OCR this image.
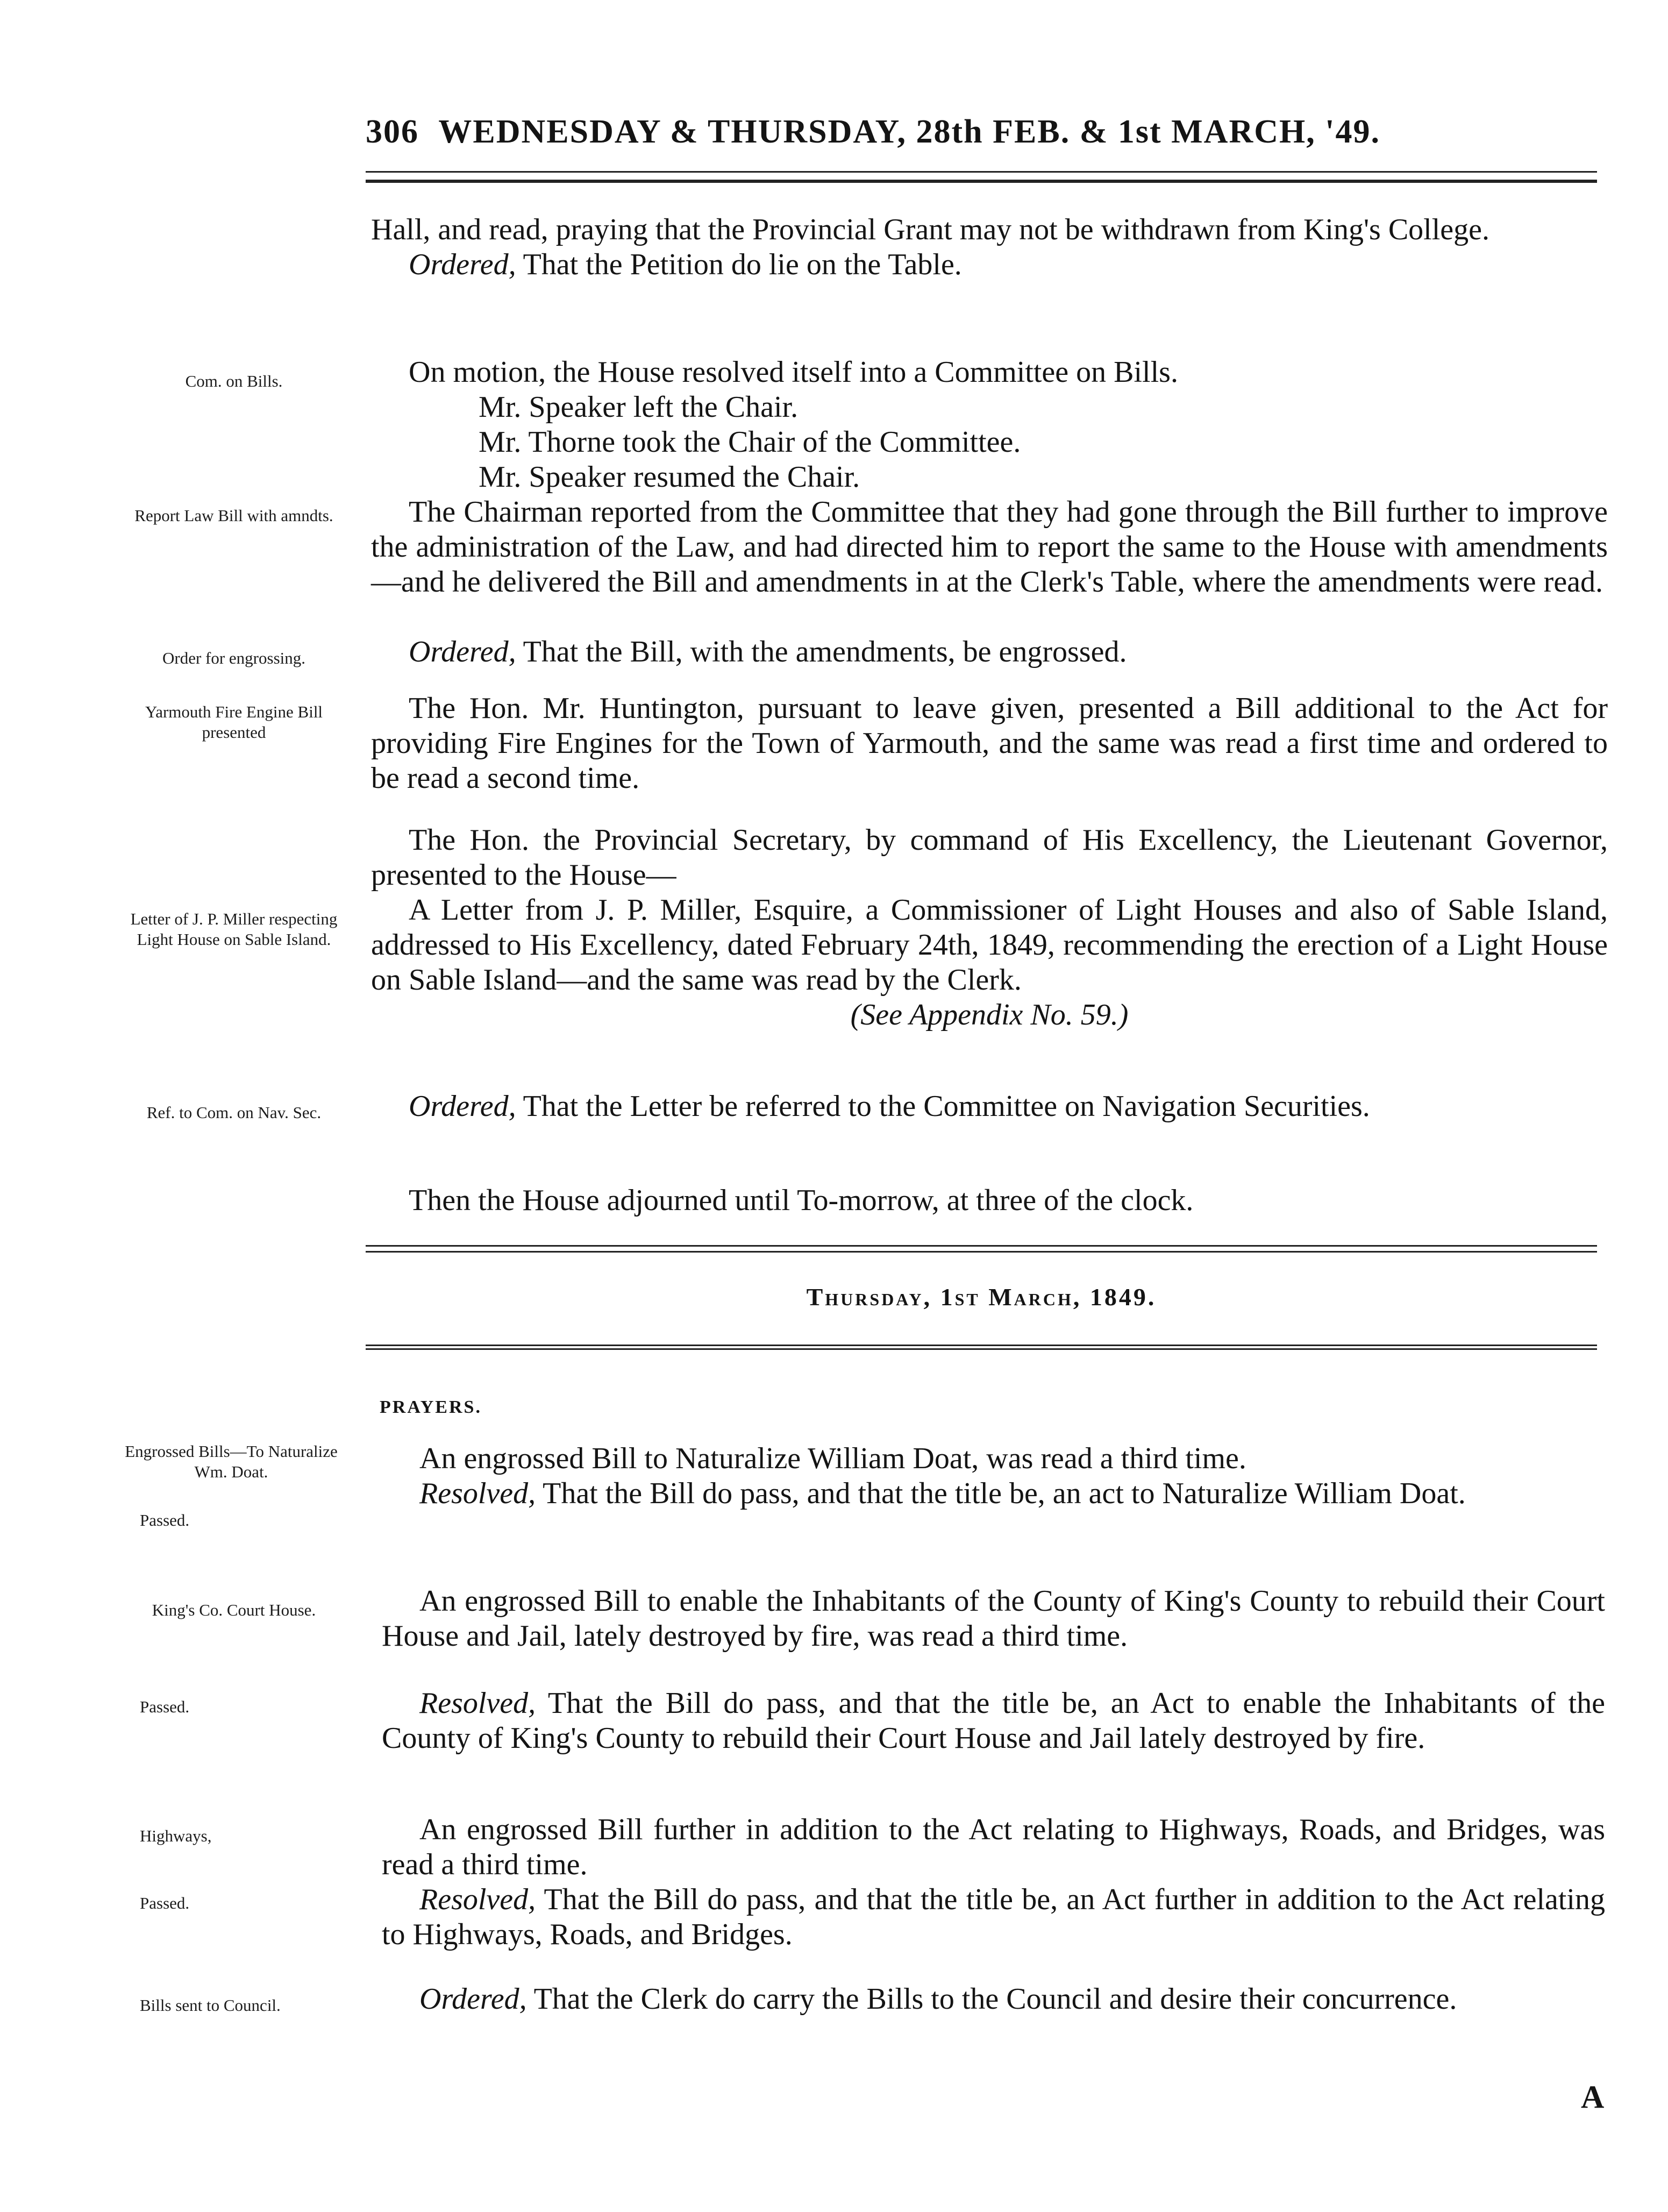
306 WEDNESDAY & THURSDAY, 28th FEB. & 1st MARCH, '49.
Hall, and read, praying that the Provincial Grant may not be withdrawn from King's College.
Ordered, That the Petition do lie on the Table.
Com. on Bills.	On motion, the House resolved itself into a Committee on Bills.
Mr. Speaker left the Chair.
Mr. Thorne took the Chair of the Committee.
Mr. Speaker resumed the Chair.
Report Law Bill with amndts.	The Chairman reported from the Committee that they had gone through the Bill further to improve the administration of the Law, and had directed him to report the same to the House with amendments—and he delivered the Bill and amendments in at the Clerk's Table, where the amendments were read.
Order for engrossing.	Ordered, That the Bill, with the amendments, be engrossed.
Yarmouth Fire Engine Bill presented
The Hon. Mr. Huntington, pursuant to leave given, presented a Bill additional to the Act for providing Fire Engines for the Town of Yarmouth, and the same was read a first time and ordered to be read a second time.
The Hon. the Provincial Secretary, by command of His Excellency, the Lieutenant Governor, presented to the House—
Letter of J. P. Miller respecting Light House on Sable Island.
A Letter from J. P. Miller, Esquire, a Commissioner of Light Houses and also of Sable Island, addressed to His Excellency, dated February 24th, 1849, recommending the erection of a Light House on Sable Island—and the same was read by the Clerk.
(See Appendix No. 59.)
Ref. to Com. on Nav. Sec.	Ordered, That the Letter be referred to the Committee on Navigation Securities.
Then the House adjourned until To-morrow, at three of the clock.
Thursday, 1st March, 1849.
PRAYERS.
Engrossed Bills—To Naturalize Wm. Doat.
Passed.
An engrossed Bill to Naturalize William Doat, was read a third time.
Resolved, That the Bill do pass, and that the title be, an act to Naturalize William Doat.
King's Co. Court House.	An engrossed Bill to enable the Inhabitants of the County of King's County to rebuild their Court House and Jail, lately destroyed by fire, was read a third time.
Passed.	Resolved, That the Bill do pass, and that the title be, an Act to enable the Inhabitants of the County of King's County to rebuild their Court House and Jail lately destroyed by fire.
Highways,	An engrossed Bill further in addition to the Act relating to Highways, Roads, and Bridges, was read a third time.
Passed.	Resolved, That the Bill do pass, and that the title be, an Act further in addition to the Act relating to Highways, Roads, and Bridges.
Bills sent to Council.	Ordered, That the Clerk do carry the Bills to the Council and desire their concurrence.
A
